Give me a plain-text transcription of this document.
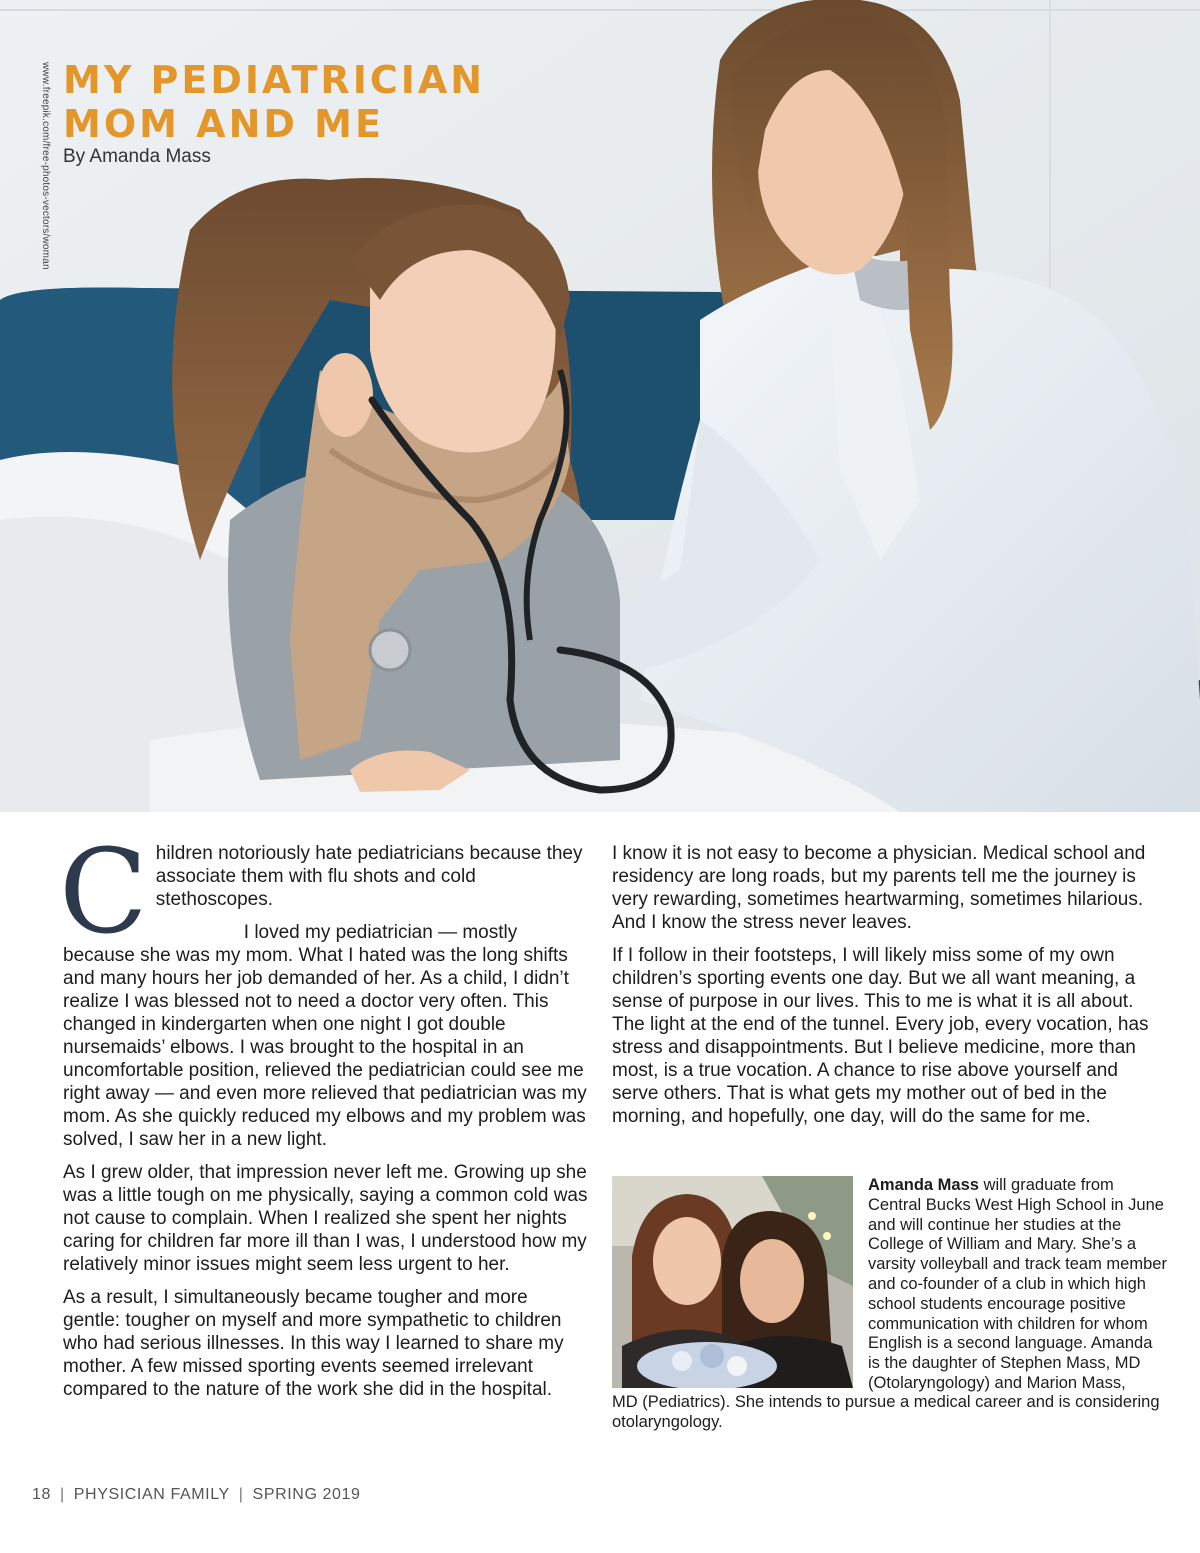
www.freepik.com/free-photos-vectors/woman MY PEDIATRICIAN
MOM AND ME
By Amanda Mass

C hildren notoriously hate pediatricians because they associate them with flu shots and cold stethoscopes.

I loved my pediatrician — mostly because she was my mom. What I hated was the long shifts and many hours her job demanded of her. As a child, I didn’t realize I was blessed not to need a doctor very often. This changed in kindergarten when one night I got double nursemaids’ elbows. I was brought to the hospital in an uncomfortable position, relieved the pediatrician could see me right away — and even more relieved that pediatrician was my mom. As she quickly reduced my elbows and my problem was solved, I saw her in a new light.

As I grew older, that impression never left me. Growing up she was a little tough on me physically, saying a common cold was not cause to complain. When I realized she spent her nights caring for children far more ill than I was, I understood how my relatively minor issues might seem less urgent to her.

As a result, I simultaneously became tougher and more gentle: tougher on myself and more sympathetic to children who had serious illnesses. In this way I learned to share my mother. A few missed sporting events seemed irrelevant compared to the nature of the work she did in the hospital.

I know it is not easy to become a physician. Medical school and residency are long roads, but my parents tell me the journey is very rewarding, sometimes heartwarming, sometimes hilarious. And I know the stress never leaves.

If I follow in their footsteps, I will likely miss some of my own children’s sporting events one day. But we all want meaning, a sense of purpose in our lives. This to me is what it is all about. The light at the end of the tunnel. Every job, every vocation, has stress and disappointments. But I believe medicine, more than most, is a true vocation. A chance to rise above yourself and serve others. That is what gets my mother out of bed in the morning, and hopefully, one day, will do the same for me.

Amanda Mass will graduate from Central Bucks West High School in June and will continue her studies at the College of William and Mary. She’s a varsity volleyball and track team member and co-founder of a club in which high school students encourage positive communication with children for whom English is a second language. Amanda is the daughter of Stephen Mass, MD (Otolaryngology) and Marion Mass,
MD (Pediatrics). She intends to pursue a medical career and is considering otolaryngology.
18 | PHYSICIAN FAMILY | SPRING 2019
